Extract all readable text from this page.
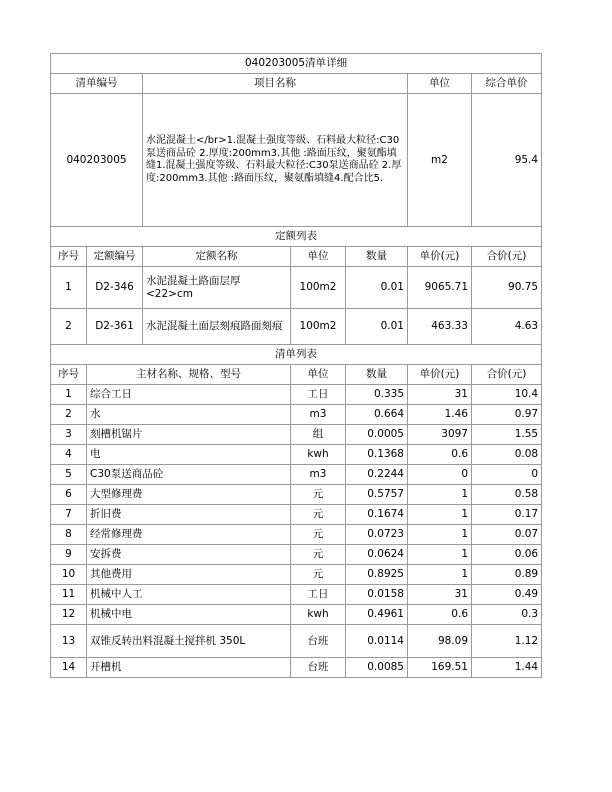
040203005清单详细						
清单编号		项目名称			单位	综合单价
040203005		水泥混凝土</br>1.混凝土强度等级、石料最大粒径:C30泵送商品砼 2.厚度:200mm3.其他 :路面压纹，聚氨酯填缝1.混凝土强度等级、石料最大粒径:C30泵送商品砼 2.厚度:200mm3.其他 :路面压纹，聚氨酯填缝4.配合比5.			m2	95.4
定额列表						
序号	定额编号	定额名称	单位	数量	单价(元)	合价(元)
1	D2-346	水泥混凝土路面层厚<22>cm	100m2	0.01	9065.71	90.75
2	D2-361	水泥混凝土面层刻痕路面刻痕	100m2	0.01	463.33	4.63
清单列表						
序号	主材名称、规格、型号		单位	数量	单价(元)	合价(元)
1	综合工日		工日	0.335	31	10.4
2	水		m3	0.664	1.46	0.97
3	刻槽机锯片		组	0.0005	3097	1.55
4	电		kwh	0.1368	0.6	0.08
5	C30泵送商品砼		m3	0.2244	0	0
6	大型修理费		元	0.5757	1	0.58
7	折旧费		元	0.1674	1	0.17
8	经常修理费		元	0.0723	1	0.07
9	安拆费		元	0.0624	1	0.06
10	其他费用		元	0.8925	1	0.89
11	机械中人工		工日	0.0158	31	0.49
12	机械中电		kwh	0.4961	0.6	0.3
13	双锥反转出料混凝土搅拌机 350L		台班	0.0114	98.09	1.12
14	开槽机		台班	0.0085	169.51	1.44
